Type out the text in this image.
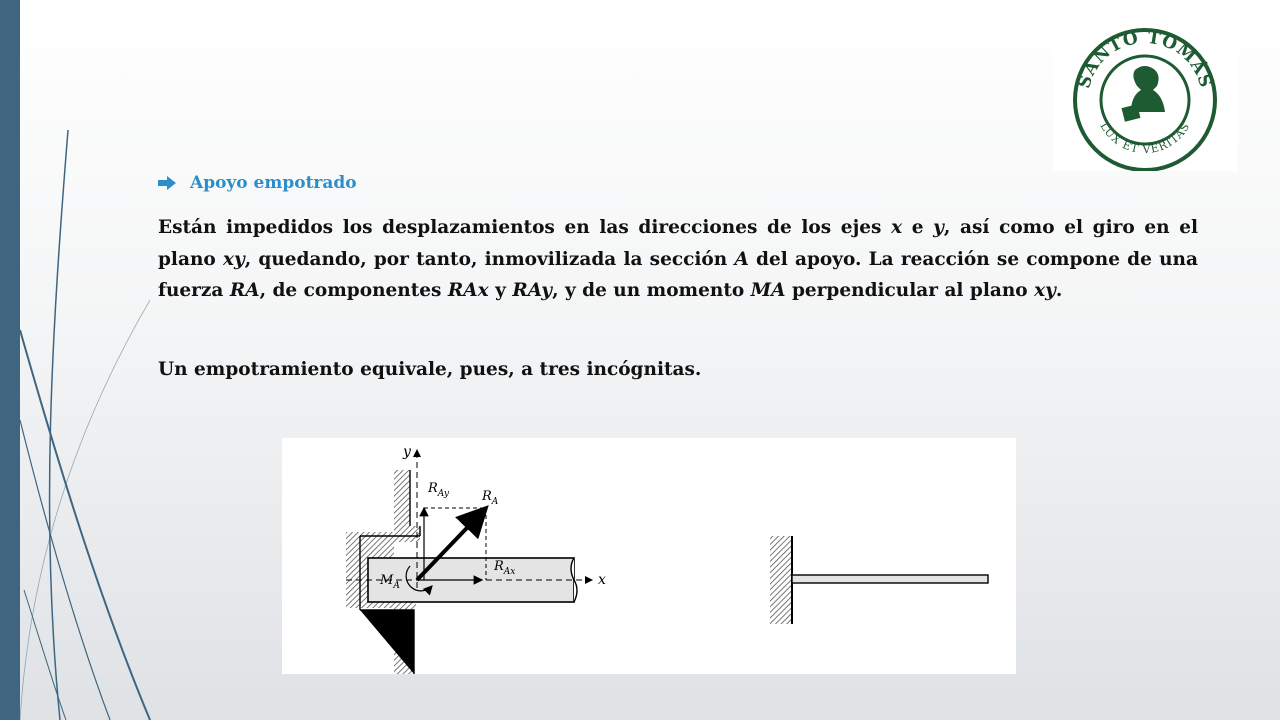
SANTO TOMÁS
LUX ET VERITAS
Apoyo empotrado

Están impedidos los desplazamientos en las direcciones de los ejes x e y, así como el giro en el plano xy, quedando, por tanto, inmovilizada la sección A del apoyo. La reacción se compone de una fuerza RA, de componentes RAx y RAy, y de un momento MA perpendicular al plano xy.

Un empotramiento equivale, pues, a tres incógnitas.

y
x
$R_{Ay}$	$R_A$
$R_{Ax}$
$M_A$
